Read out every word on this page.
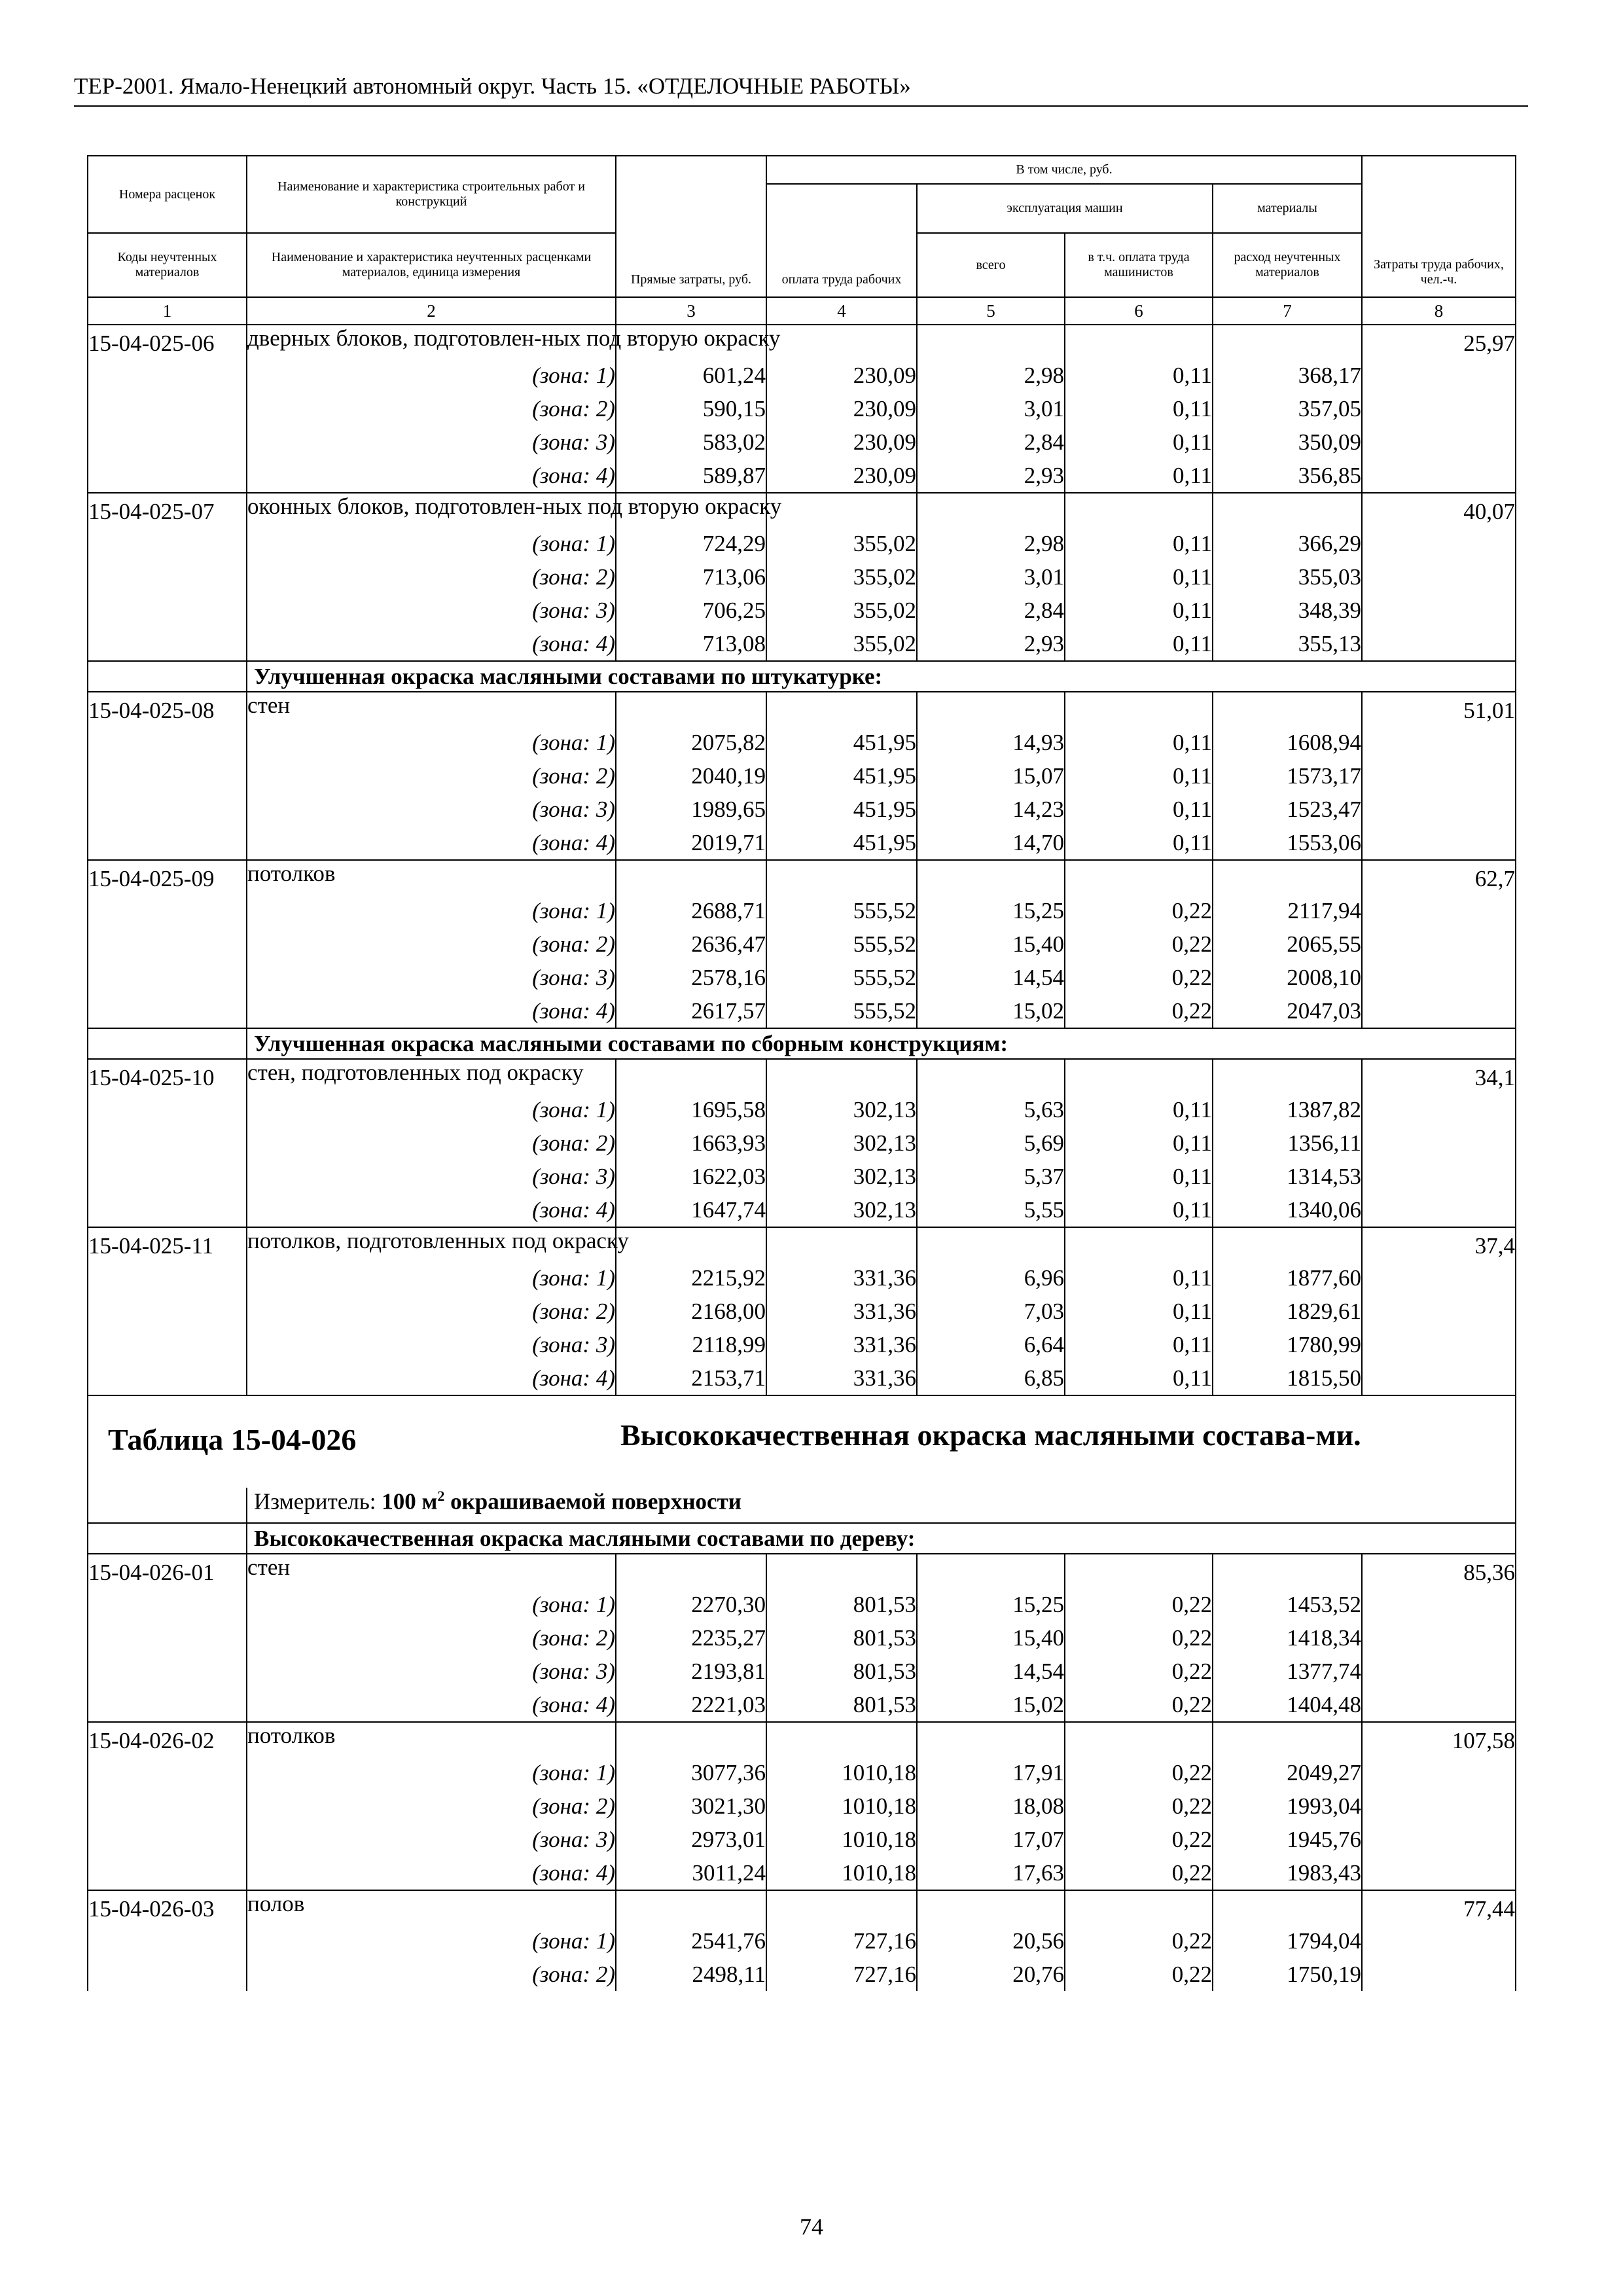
ТЕР-2001. Ямало-Ненецкий автономный округ. Часть 15. «ОТДЕЛОЧНЫЕ РАБОТЫ»
Номера расценок	Наименование и характеристика строительных работ и конструкций	Прямые затраты, руб.	В том числе, руб.				Затраты труда рабочих, чел.-ч.
			оплата труда рабочих	эксплуатация машин		материалы	
Коды неучтенных материалов	Наименование и характеристика неучтенных расценками материалов, единица измерения			всего	в т.ч. оплата труда машинистов	расход неучтенных материалов	
1	2	3	4	5	6	7	8
15-04-025-06	дверных блоков, подготовлен-ных под вторую окраску						25,97
	(зона: 1)	601,24	230,09	2,98	0,11	368,17	
	(зона: 2)	590,15	230,09	3,01	0,11	357,05	
	(зона: 3)	583,02	230,09	2,84	0,11	350,09	
	(зона: 4)	589,87	230,09	2,93	0,11	356,85	
15-04-025-07	оконных блоков, подготовлен-ных под вторую окраску						40,07
	(зона: 1)	724,29	355,02	2,98	0,11	366,29	
	(зона: 2)	713,06	355,02	3,01	0,11	355,03	
	(зона: 3)	706,25	355,02	2,84	0,11	348,39	
	(зона: 4)	713,08	355,02	2,93	0,11	355,13	
	Улучшенная окраска масляными составами по штукатурке:						
15-04-025-08	стен						51,01
	(зона: 1)	2075,82	451,95	14,93	0,11	1608,94	
	(зона: 2)	2040,19	451,95	15,07	0,11	1573,17	
	(зона: 3)	1989,65	451,95	14,23	0,11	1523,47	
	(зона: 4)	2019,71	451,95	14,70	0,11	1553,06	
15-04-025-09	потолков						62,7
	(зона: 1)	2688,71	555,52	15,25	0,22	2117,94	
	(зона: 2)	2636,47	555,52	15,40	0,22	2065,55	
	(зона: 3)	2578,16	555,52	14,54	0,22	2008,10	
	(зона: 4)	2617,57	555,52	15,02	0,22	2047,03	
	Улучшенная окраска масляными составами по сборным конструкциям:						
15-04-025-10	стен, подготовленных под окраску						34,1
	(зона: 1)	1695,58	302,13	5,63	0,11	1387,82	
	(зона: 2)	1663,93	302,13	5,69	0,11	1356,11	
	(зона: 3)	1622,03	302,13	5,37	0,11	1314,53	
	(зона: 4)	1647,74	302,13	5,55	0,11	1340,06	
15-04-025-11	потолков, подготовленных под окраску						37,4
	(зона: 1)	2215,92	331,36	6,96	0,11	1877,60	
	(зона: 2)	2168,00	331,36	7,03	0,11	1829,61	
	(зона: 3)	2118,99	331,36	6,64	0,11	1780,99	
	(зона: 4)	2153,71	331,36	6,85	0,11	1815,50	

Таблица 15-04-026 Высококачественная окраска масляными состава-ми.							

	Измеритель: 100 $м^2$ окрашиваемой поверхности						
	Высококачественная окраска масляными составами по дереву:						
15-04-026-01	стен						85,36
	(зона: 1)	2270,30	801,53	15,25	0,22	1453,52	
	(зона: 2)	2235,27	801,53	15,40	0,22	1418,34	
	(зона: 3)	2193,81	801,53	14,54	0,22	1377,74	
	(зона: 4)	2221,03	801,53	15,02	0,22	1404,48	
15-04-026-02	потолков						107,58
	(зона: 1)	3077,36	1010,18	17,91	0,22	2049,27	
	(зона: 2)	3021,30	1010,18	18,08	0,22	1993,04	
	(зона: 3)	2973,01	1010,18	17,07	0,22	1945,76	
	(зона: 4)	3011,24	1010,18	17,63	0,22	1983,43	
15-04-026-03	полов						77,44
	(зона: 1)	2541,76	727,16	20,56	0,22	1794,04	
	(зона: 2)	2498,11	727,16	20,76	0,22	1750,19	
74
